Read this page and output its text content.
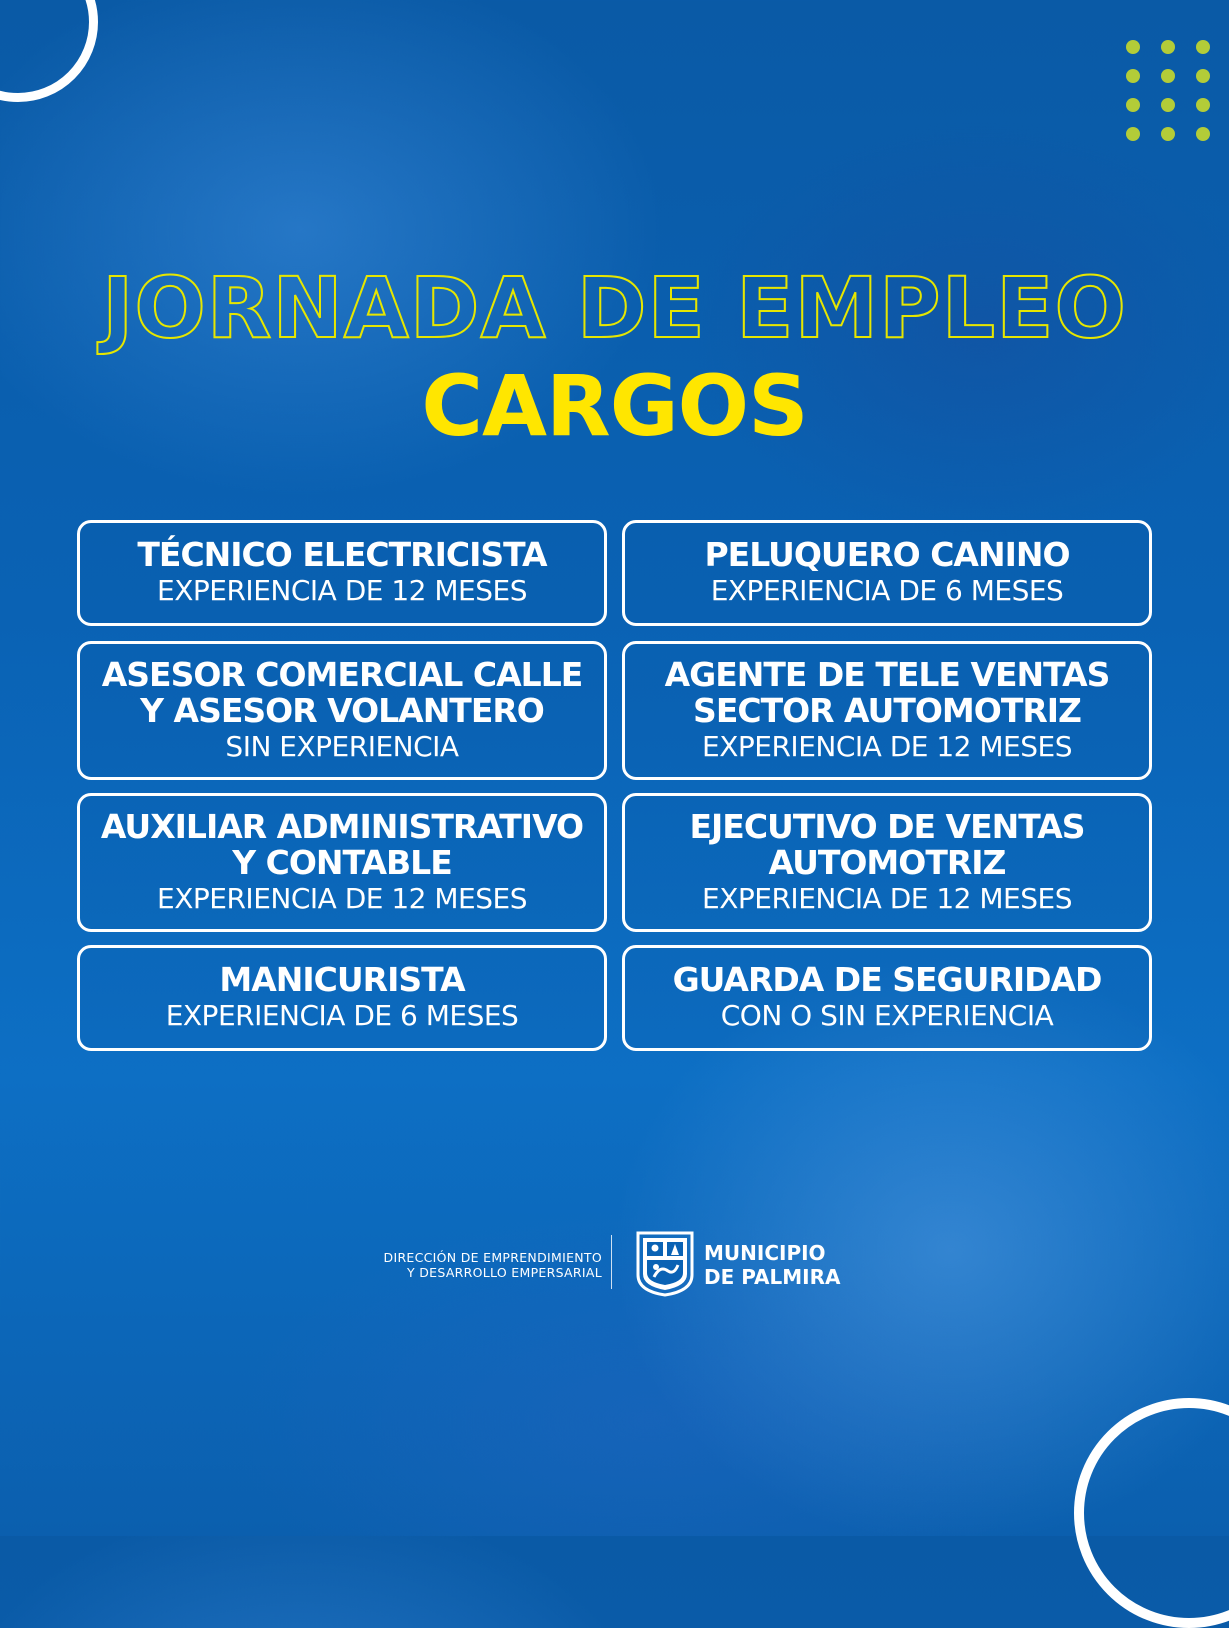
JORNADA DE EMPLEO
CARGOS
TÉCNICO ELECTRICISTA
EXPERIENCIA DE 12 MESES
PELUQUERO CANINO
EXPERIENCIA DE 6 MESES
ASESOR COMERCIAL CALLE
Y ASESOR VOLANTERO
SIN EXPERIENCIA
AGENTE DE TELE VENTAS
SECTOR AUTOMOTRIZ
EXPERIENCIA DE 12 MESES
AUXILIAR ADMINISTRATIVO
Y CONTABLE
EXPERIENCIA DE 12 MESES
EJECUTIVO DE VENTAS
AUTOMOTRIZ
EXPERIENCIA DE 12 MESES
MANICURISTA
EXPERIENCIA DE 6 MESES
GUARDA DE SEGURIDAD
CON O SIN EXPERIENCIA
DIRECCIÓN DE EMPRENDIMIENTO
Y DESARROLLO EMPERSARIAL
MUNICIPIO
DE PALMIRA
